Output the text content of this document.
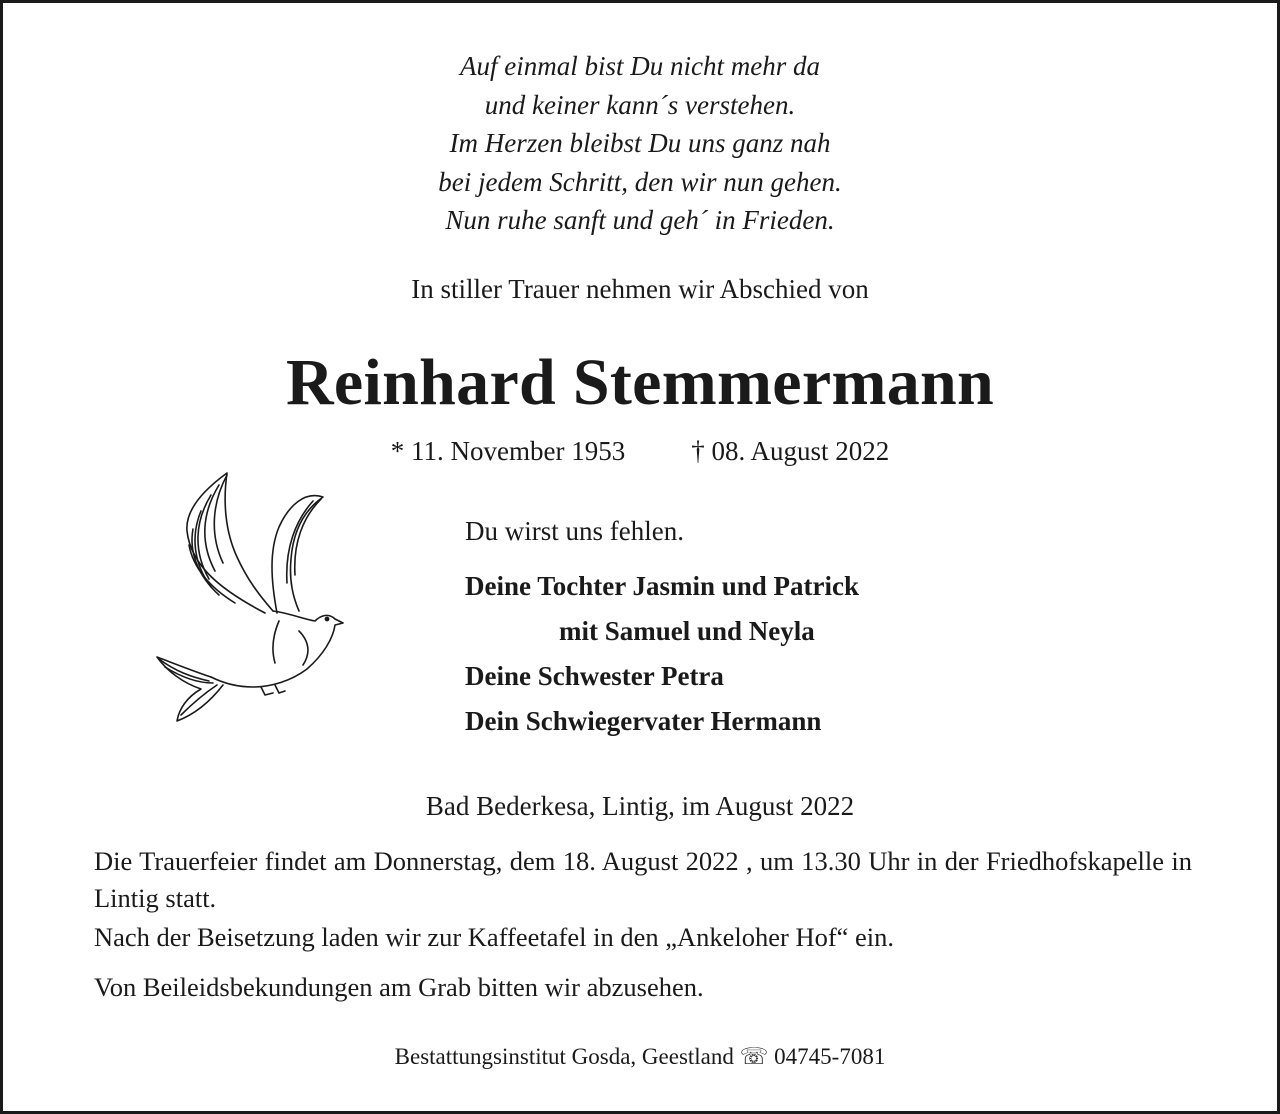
Auf einmal bist Du nicht mehr da
und keiner kann´s verstehen.
Im Herzen bleibst Du uns ganz nah
bei jedem Schritt, den wir nun gehen.
Nun ruhe sanft und geh´ in Frieden.
In stiller Trauer nehmen wir Abschied von
Reinhard Stemmermann
* 11. November 1953 † 08. August 2022
Du wirst uns fehlen.
Deine Tochter Jasmin und Patrick
mit Samuel und Neyla
Deine Schwester Petra
Dein Schwiegervater Hermann
Bad Bederkesa, Lintig, im August 2022
Die Trauerfeier findet am Donnerstag, dem 18. August 2022 , um 13.30 Uhr in der Friedhofskapelle in Lintig statt.
Nach der Beisetzung laden wir zur Kaffeetafel in den „Ankeloher Hof“ ein.
Von Beileidsbekundungen am Grab bitten wir abzusehen.
Bestattungsinstitut Gosda, Geestland ☏ 04745-7081
